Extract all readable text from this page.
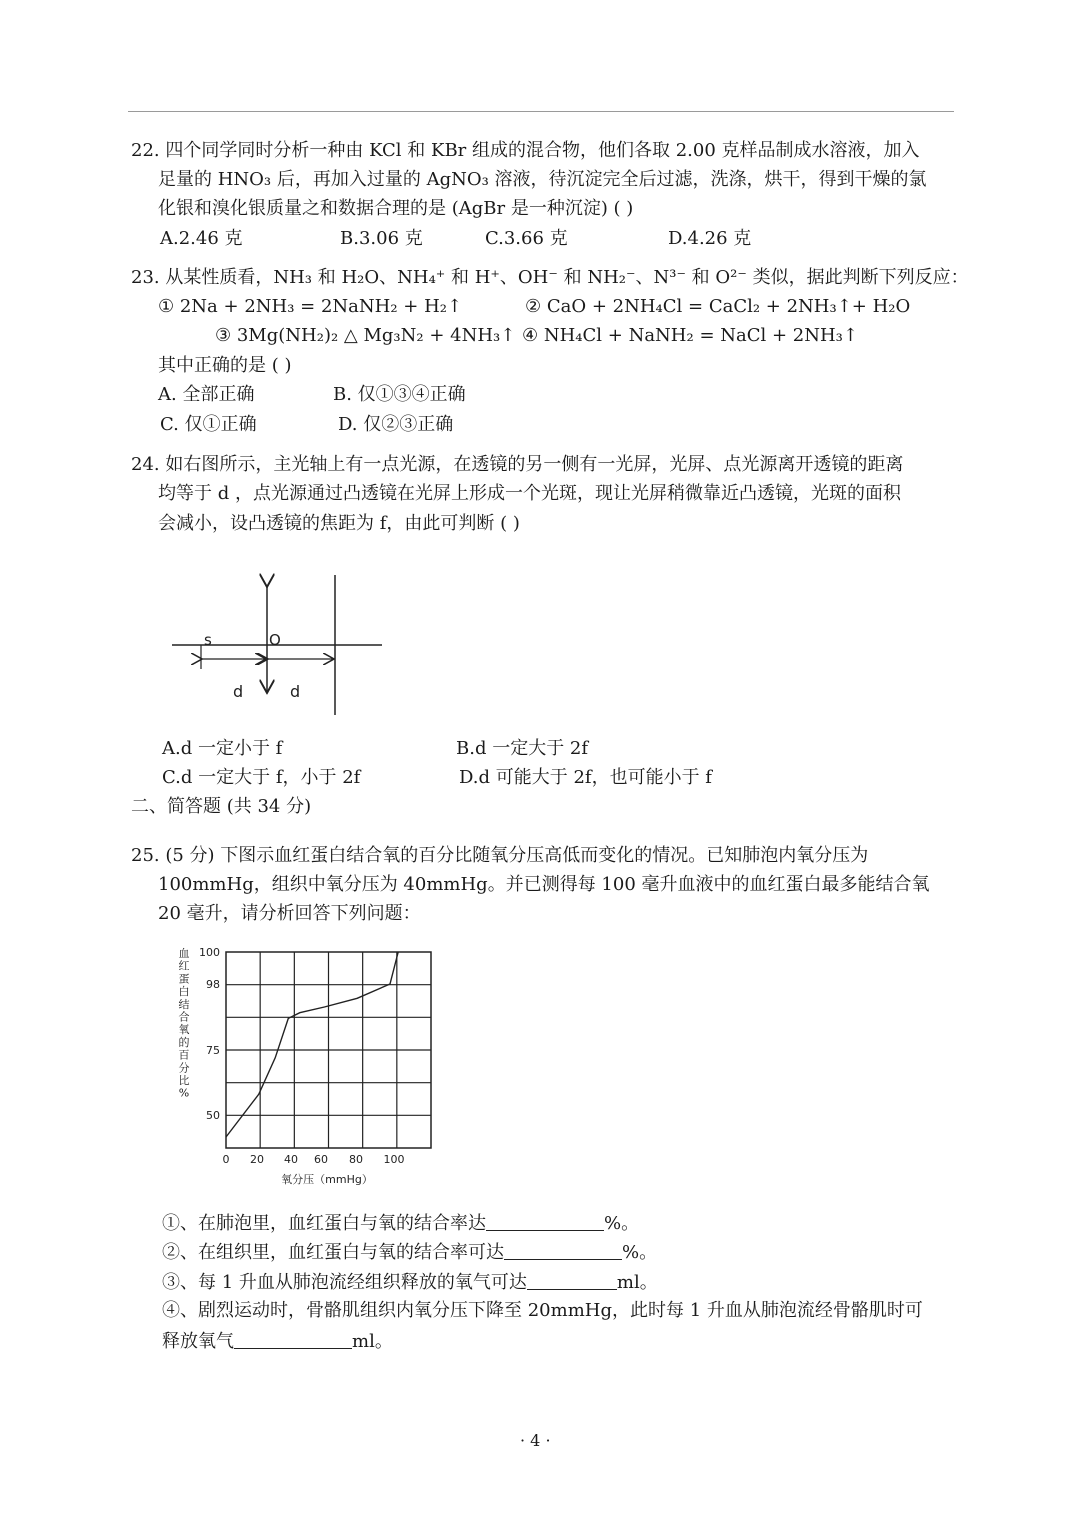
22. 四个同学同时分析一种由 KCl 和 KBr 组成的混合物，他们各取 2.00 克样品制成水溶液，加入
足量的 HNO₃ 后，再加入过量的 AgNO₃ 溶液，待沉淀完全后过滤，洗涤，烘干，得到干燥的氯
化银和溴化银质量之和数据合理的是 (AgBr 是一种沉淀) ( )
A.2.46 克	B.3.06 克	C.3.66 克	D.4.26 克
23. 从某性质看，NH₃ 和 H₂O、NH₄⁺ 和 H⁺、OH⁻ 和 NH₂⁻、N³⁻ 和 O²⁻ 类似，据此判断下列反应：
① 2Na + 2NH₃ = 2NaNH₂ + H₂↑	② CaO + 2NH₄Cl = CaCl₂ + 2NH₃↑+ H₂O
③ 3Mg(NH₂)₂ △ Mg₃N₂ + 4NH₃↑ ④ NH₄Cl + NaNH₂ = NaCl + 2NH₃↑
其中正确的是 ( )
A. 全部正确	B. 仅①③④正确
C. 仅①正确	D. 仅②③正确
24. 如右图所示，主光轴上有一点光源，在透镜的另一侧有一光屏，光屏、点光源离开透镜的距离
均等于 d ，点光源通过凸透镜在光屏上形成一个光斑，现让光屏稍微靠近凸透镜，光斑的面积
会减小，设凸透镜的焦距为 f，由此可判断 ( )
s	O
d	d
A.d 一定小于 f	B.d 一定大于 2f
C.d 一定大于 f，小于 2f	D.d 可能大于 2f，也可能小于 f
二、简答题 (共 34 分)
25. (5 分) 下图示血红蛋白结合氧的百分比随氧分压高低而变化的情况。已知肺泡内氧分压为
100mmHg，组织中氧分压为 40mmHg。并已测得每 100 毫升血液中的血红蛋白最多能结合氧
20 毫升，请分析回答下列问题：
50
75
98
100
0 20 40 60 80 100
氧分压（mmHg）
血
红
蛋
白
结
合
氧
的
百
分
比
%
①、在肺泡里，血红蛋白与氧的结合率达	%。
②、在组织里，血红蛋白与氧的结合率可达	%。
③、每 1 升血从肺泡流经组织释放的氧气可达	ml。
④、剧烈运动时，骨骼肌组织内氧分压下降至 20mmHg，此时每 1 升血从肺泡流经骨骼肌时可
释放氧气	ml。
· 4 ·
